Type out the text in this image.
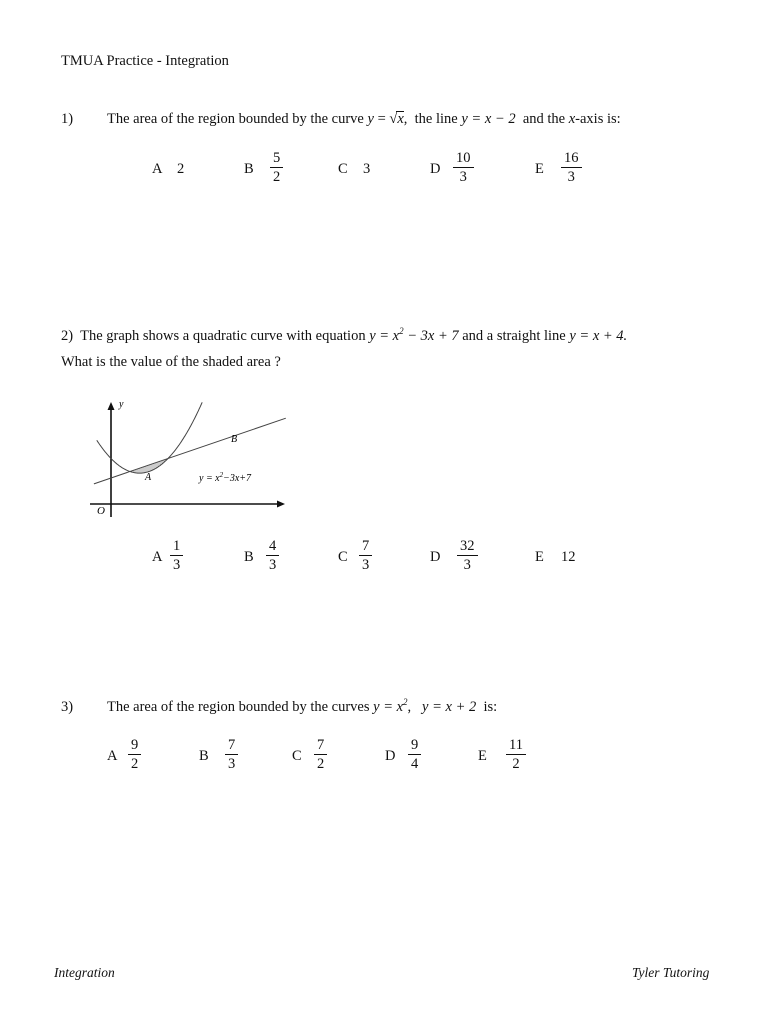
TMUA Practice - Integration
1) The area of the region bounded by the curve y = √x, the line y = x − 2 and the x-axis is:
A 2	B $\frac{5}{2}$	C 3	D $\frac{10}{3}$	E $\frac{16}{3}$
2) The graph shows a quadratic curve with equation $y = x^2 - 3x + 7$ and a straight line y = x + 4.
What is the value of the shaded area ?
y
O
A
B
$y = x^2-3x+7$
A $\frac{1}{3}$	B $\frac{4}{3}$	C $\frac{7}{3}$	D $\frac{32}{3}$	E 12
3) The area of the region bounded by the curves $y = x^2$, y = x + 2 is:
A $\frac{9}{2}$	B $\frac{7}{3}$	C $\frac{7}{2}$	D $\frac{9}{4}$	E $\frac{11}{2}$
Integration	Tyler Tutoring
